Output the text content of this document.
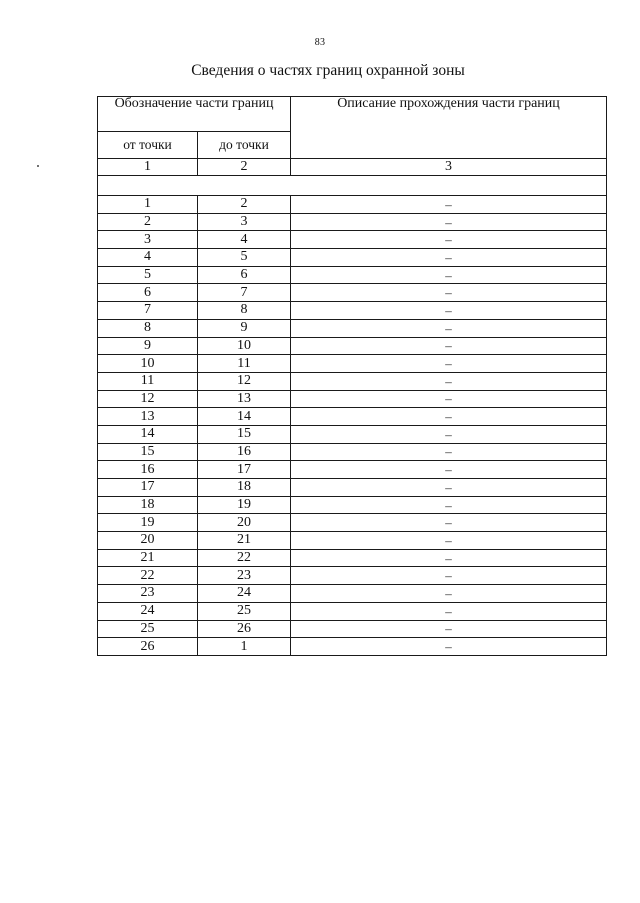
83
Сведения о частях границ охранной зоны
Обозначение части границ		Описание прохождения части границ
от точки	до точки	
1	2	3

1	2	–
2	3	–
3	4	–
4	5	–
5	6	–
6	7	–
7	8	–
8	9	–
9	10	–
10	11	–
11	12	–
12	13	–
13	14	–
14	15	–
15	16	–
16	17	–
17	18	–
18	19	–
19	20	–
20	21	–
21	22	–
22	23	–
23	24	–
24	25	–
25	26	–
26	1	–
